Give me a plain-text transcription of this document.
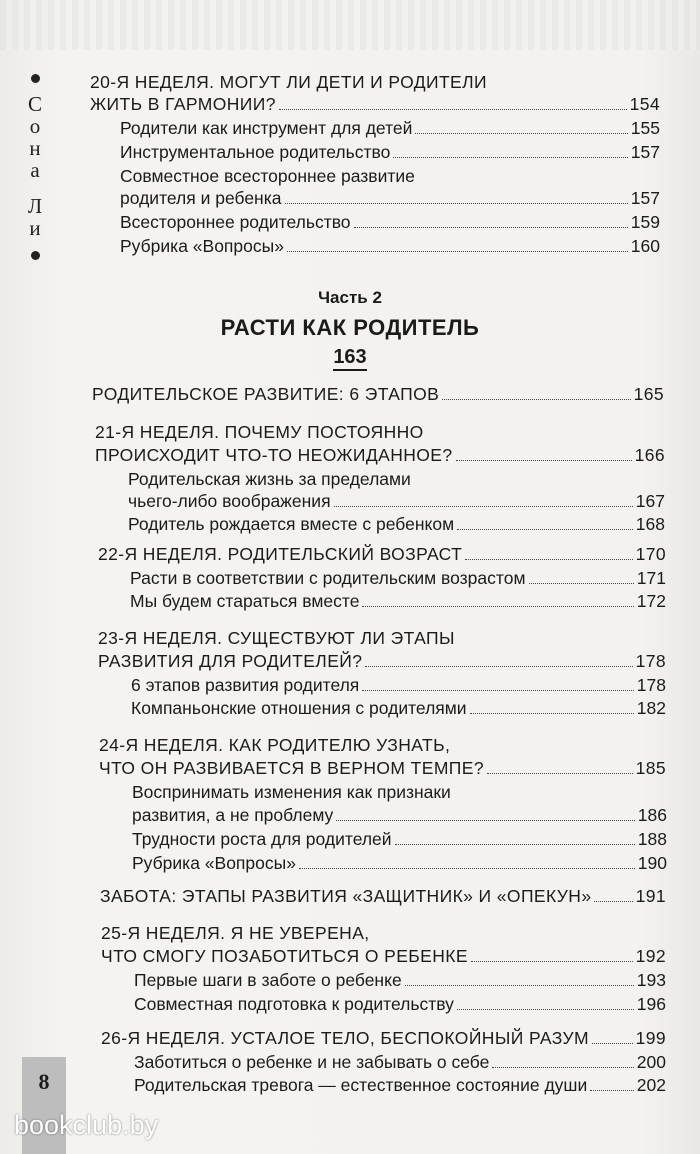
С
о
н
а
Л
и
20-Я НЕДЕЛЯ. МОГУТ ЛИ ДЕТИ И РОДИТЕЛИ
ЖИТЬ В ГАРМОНИИ?	154
Родители как инструмент для детей	155
Инструментальное родительство	157
Совместное всестороннее развитие
родителя и ребенка	157
Всестороннее родительство	159
Рубрика «Вопросы»	160
Часть 2
РАСТИ КАК РОДИТЕЛЬ
163
РОДИТЕЛЬСКОЕ РАЗВИТИЕ: 6 ЭТАПОВ	165
21-Я НЕДЕЛЯ. ПОЧЕМУ ПОСТОЯННО
ПРОИСХОДИТ ЧТО-ТО НЕОЖИДАННОЕ?	166
Родительская жизнь за пределами
чьего-либо воображения	167
Родитель рождается вместе с ребенком	168
22-Я НЕДЕЛЯ. РОДИТЕЛЬСКИЙ ВОЗРАСТ	170
Расти в соответствии с родительским возрастом	171
Мы будем стараться вместе	172
23-Я НЕДЕЛЯ. СУЩЕСТВУЮТ ЛИ ЭТАПЫ
РАЗВИТИЯ ДЛЯ РОДИТЕЛЕЙ?	178
6 этапов развития родителя	178
Компаньонские отношения с родителями	182
24-Я НЕДЕЛЯ. КАК РОДИТЕЛЮ УЗНАТЬ,
ЧТО ОН РАЗВИВАЕТСЯ В ВЕРНОМ ТЕМПЕ?	185
Воспринимать изменения как признаки
развития, а не проблему	186
Трудности роста для родителей	188
Рубрика «Вопросы»	190
ЗАБОТА: ЭТАПЫ РАЗВИТИЯ «ЗАЩИТНИК» И «ОПЕКУН»	191
25-Я НЕДЕЛЯ. Я НЕ УВЕРЕНА,
ЧТО СМОГУ ПОЗАБОТИТЬСЯ О РЕБЕНКЕ	192
Первые шаги в заботе о ребенке	193
Совместная подготовка к родительству	196
26-Я НЕДЕЛЯ. УСТАЛОЕ ТЕЛО, БЕСПОКОЙНЫЙ РАЗУМ	199
Заботиться о ребенке и не забывать о себе	200
Родительская тревога — естественное состояние души	202
8
bookclub.by
